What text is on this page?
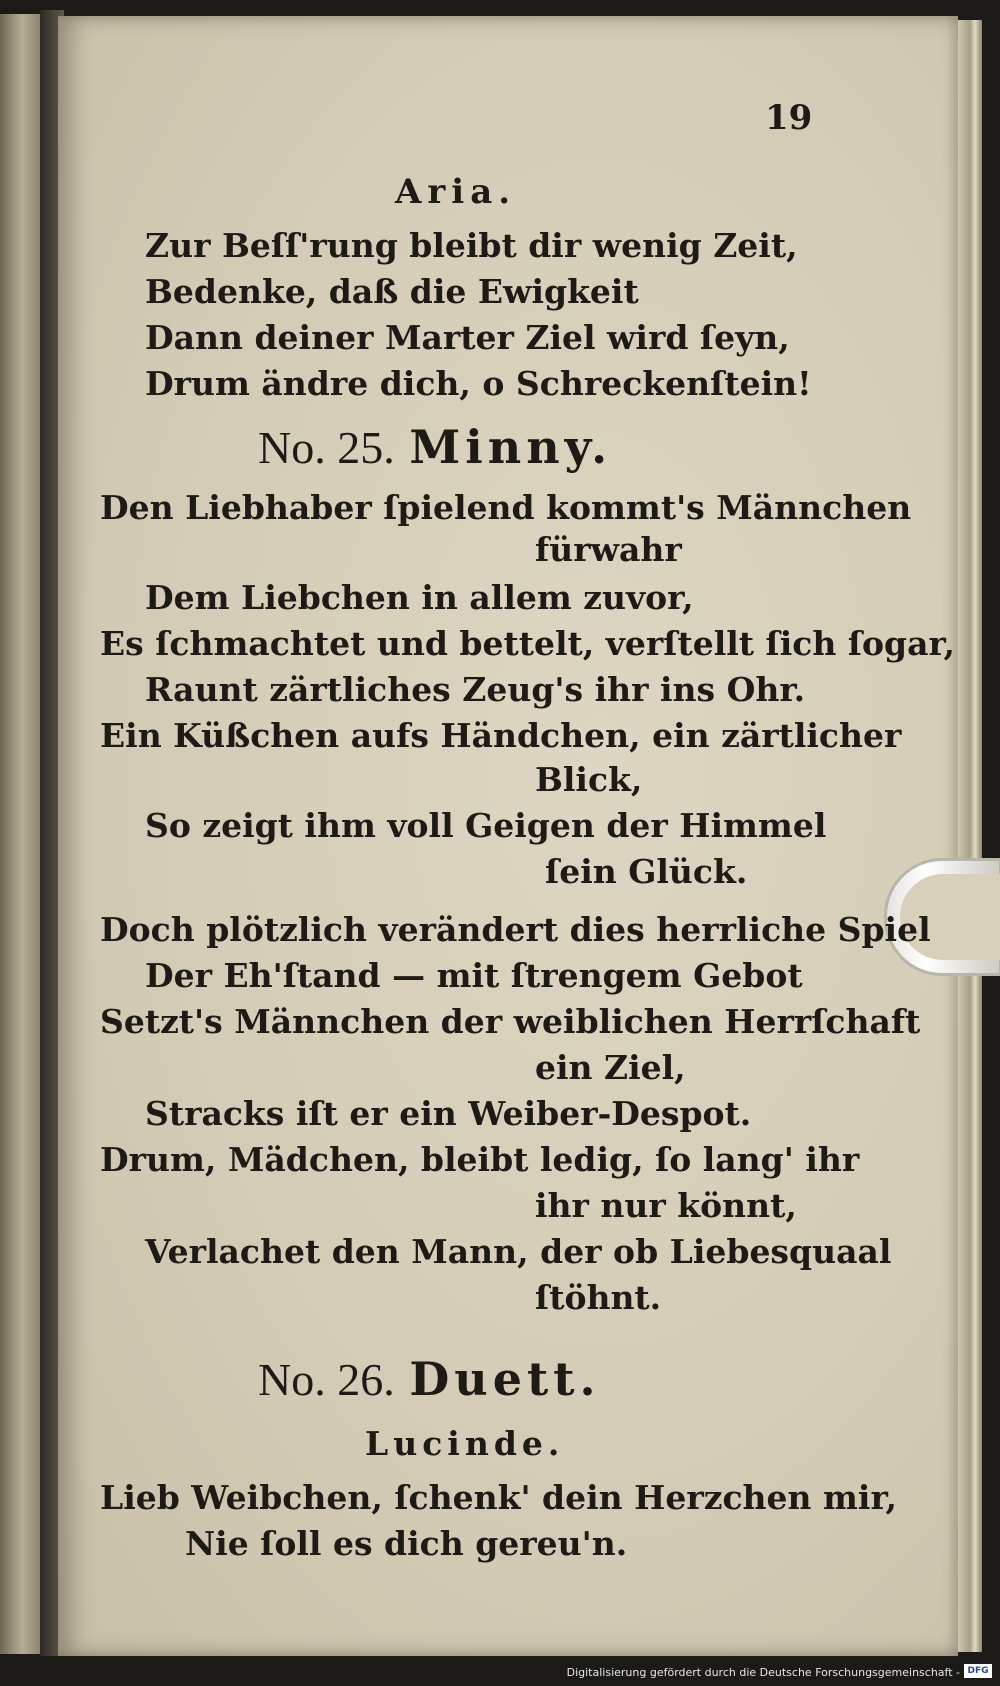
19
Aria.
Zur Beſſ'rung bleibt dir wenig Zeit,
Bedenke, daß die Ewigkeit
Dann deiner Marter Ziel wird ſeyn,
Drum ändre dich, o Schreckenſtein!
No. 25. Minny.
Den Liebhaber ſpielend kommt's Männchen
fürwahr
Dem Liebchen in allem zuvor,
Es ſchmachtet und bettelt, verſtellt ſich ſogar,
Raunt zärtliches Zeug's ihr ins Ohr.
Ein Küßchen aufs Händchen, ein zärtlicher
Blick,
So zeigt ihm voll Geigen der Himmel
ſein Glück.
Doch plötzlich verändert dies herrliche Spiel
Der Eh'ſtand — mit ſtrengem Gebot
Setzt's Männchen der weiblichen Herrſchaft
ein Ziel,
Stracks iſt er ein Weiber-Despot.
Drum, Mädchen, bleibt ledig, ſo lang' ihr
ihr nur könnt,
Verlachet den Mann, der ob Liebesquaal
ſtöhnt.
No. 26. Duett.
Lucinde.
Lieb Weibchen, ſchenk' dein Herzchen mir,
Nie ſoll es dich gereu'n.
Digitalisierung gefördert durch die Deutsche Forschungsgemeinschaft - DFG
